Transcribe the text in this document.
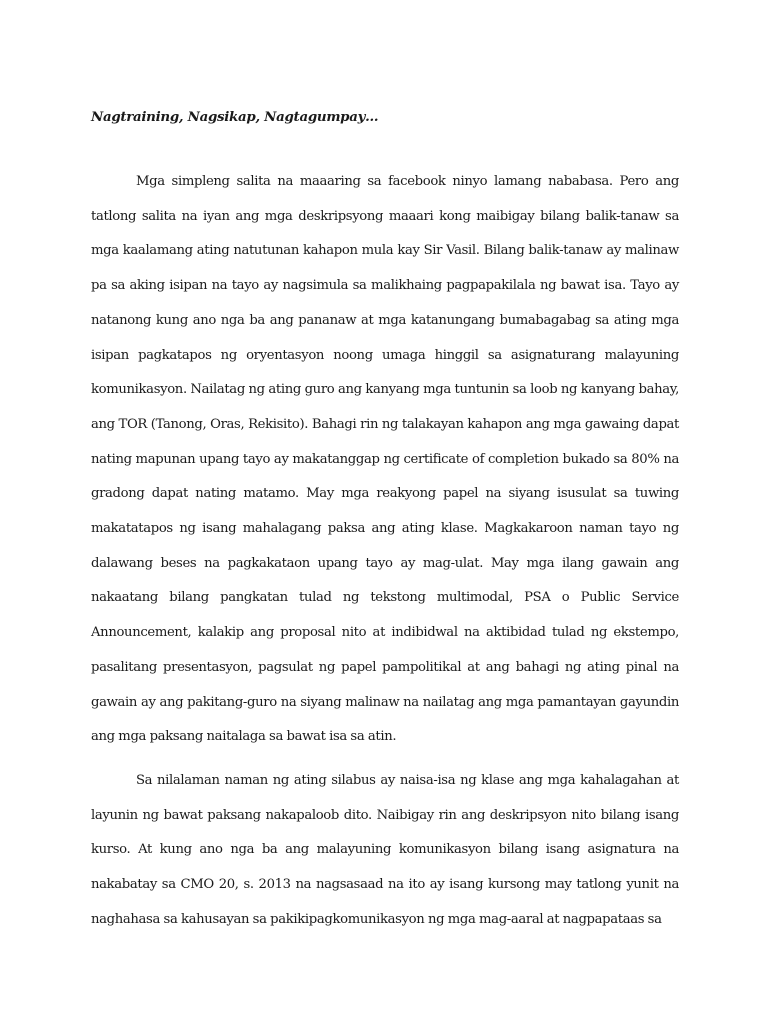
Nagtraining, Nagsikap, Nagtagumpay…

Mga simpleng salita na maaaring sa facebook ninyo lamang nababasa. Pero ang tatlong salita na iyan ang mga deskripsyong maaari kong maibigay bilang balik-tanaw sa mga kaalamang ating natutunan kahapon mula kay Sir Vasil. Bilang balik-tanaw ay malinaw pa sa aking isipan na tayo ay nagsimula sa malikhaing pagpapakilala ng bawat isa. Tayo ay natanong kung ano nga ba ang pananaw at mga katanungang bumabagabag sa ating mga isipan pagkatapos ng oryentasyon noong umaga hinggil sa asignaturang malayuning komunikasyon. Nailatag ng ating guro ang kanyang mga tuntunin sa loob ng kanyang bahay, ang TOR (Tanong, Oras, Rekisito). Bahagi rin ng talakayan kahapon ang mga gawaing dapat nating mapunan upang tayo ay makatanggap ng certificate of completion bukado sa 80% na gradong dapat nating matamo. May mga reakyong papel na siyang isusulat sa tuwing makatatapos ng isang mahalagang paksa ang ating klase. Magkakaroon naman tayo ng dalawang beses na pagkakataon upang tayo ay mag-ulat. May mga ilang gawain ang nakaatang bilang pangkatan tulad ng tekstong multimodal, PSA o Public Service Announcement, kalakip ang proposal nito at indibidwal na aktibidad tulad ng ekstempo, pasalitang presentasyon, pagsulat ng papel pampolitikal at ang bahagi ng ating pinal na gawain ay ang pakitang-guro na siyang malinaw na nailatag ang mga pamantayan gayundin ang mga paksang naitalaga sa bawat isa sa atin.

Sa nilalaman naman ng ating silabus ay naisa-isa ng klase ang mga kahalagahan at layunin ng bawat paksang nakapaloob dito. Naibigay rin ang deskripsyon nito bilang isang kurso. At kung ano nga ba ang malayuning komunikasyon bilang isang asignatura na nakabatay sa CMO 20, s. 2013 na nagsasaad na ito ay isang kursong may tatlong yunit na naghahasa sa kahusayan sa pakikipagkomunikasyon ng mga mag-aaral at nagpapataas sa
